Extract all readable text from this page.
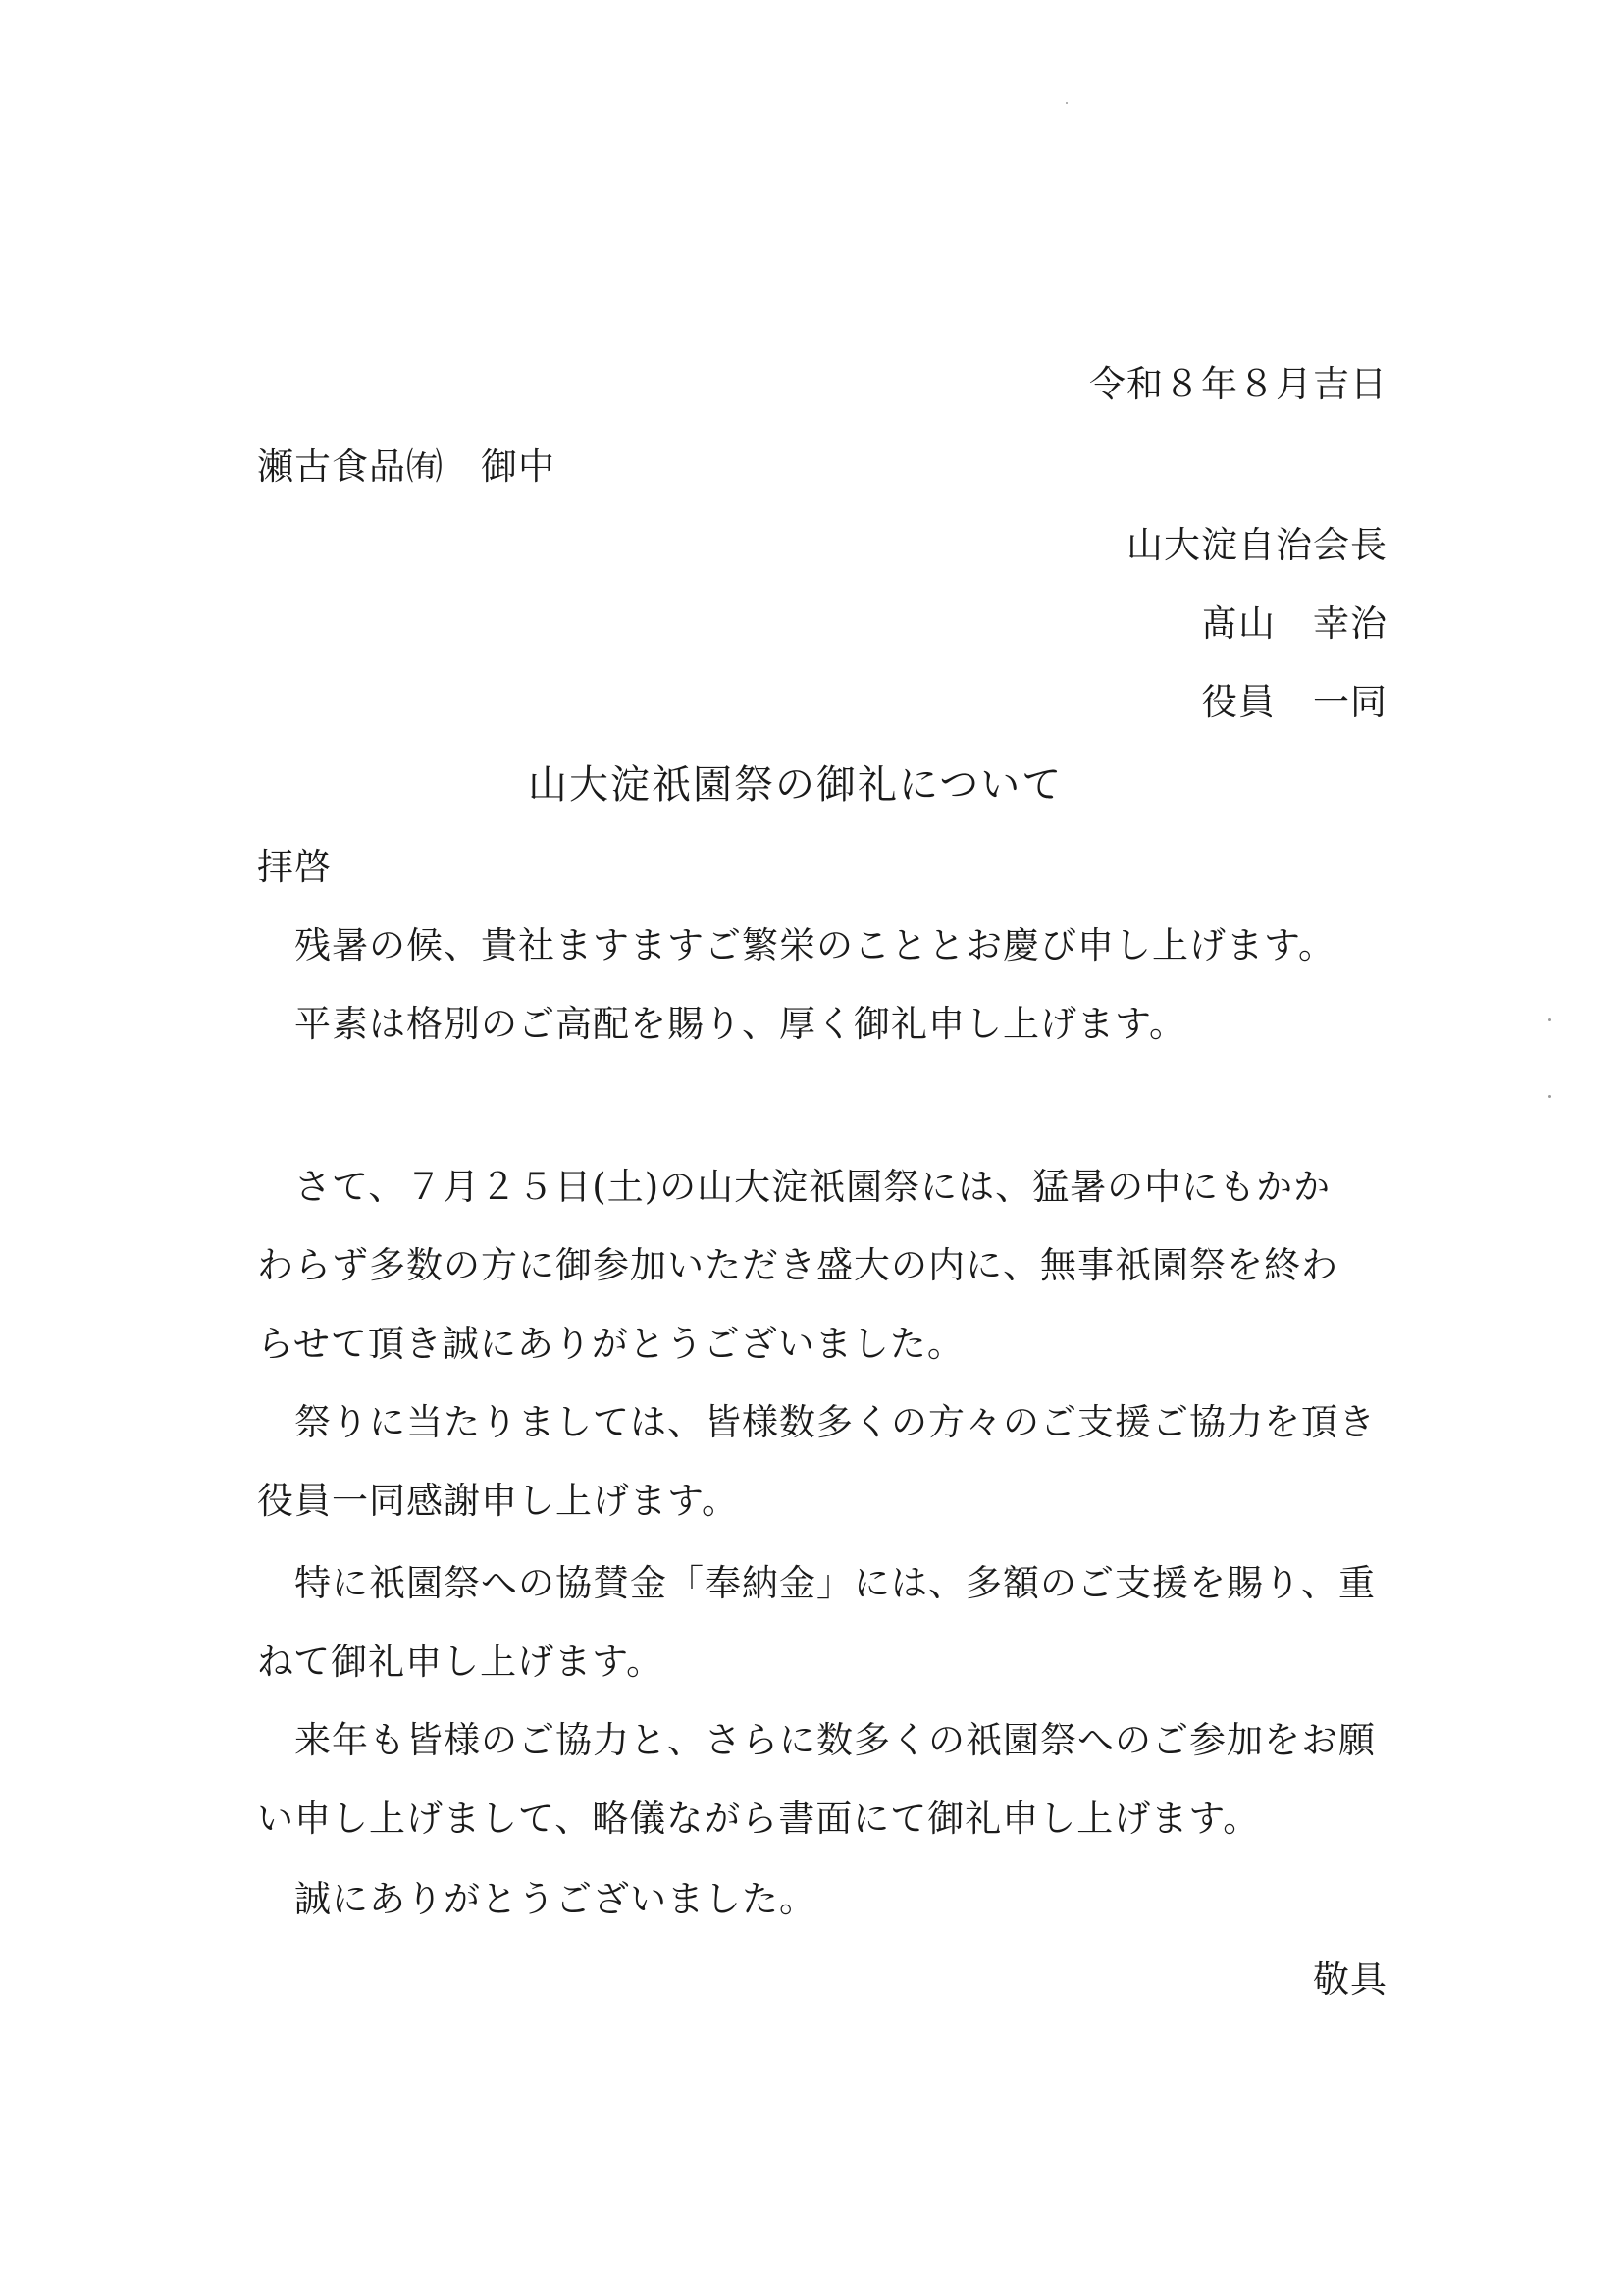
令和８年８月吉日
瀬古食品㈲　御中
山大淀自治会長
髙山　幸治
役員　一同
山大淀祇園祭の御礼について
拝啓
　残暑の候、貴社ますますご繁栄のこととお慶び申し上げます。
　平素は格別のご高配を賜り、厚く御礼申し上げます。
　さて、７月２５日(土)の山大淀祇園祭には、猛暑の中にもかか
わらず多数の方に御参加いただき盛大の内に、無事祇園祭を終わ
らせて頂き誠にありがとうございました。
　祭りに当たりましては、皆様数多くの方々のご支援ご協力を頂き
役員一同感謝申し上げます。
　特に祇園祭への協賛金「奉納金」には、多額のご支援を賜り、重
ねて御礼申し上げます。
　来年も皆様のご協力と、さらに数多くの祇園祭へのご参加をお願
い申し上げまして、略儀ながら書面にて御礼申し上げます。
　誠にありがとうございました。
敬具
